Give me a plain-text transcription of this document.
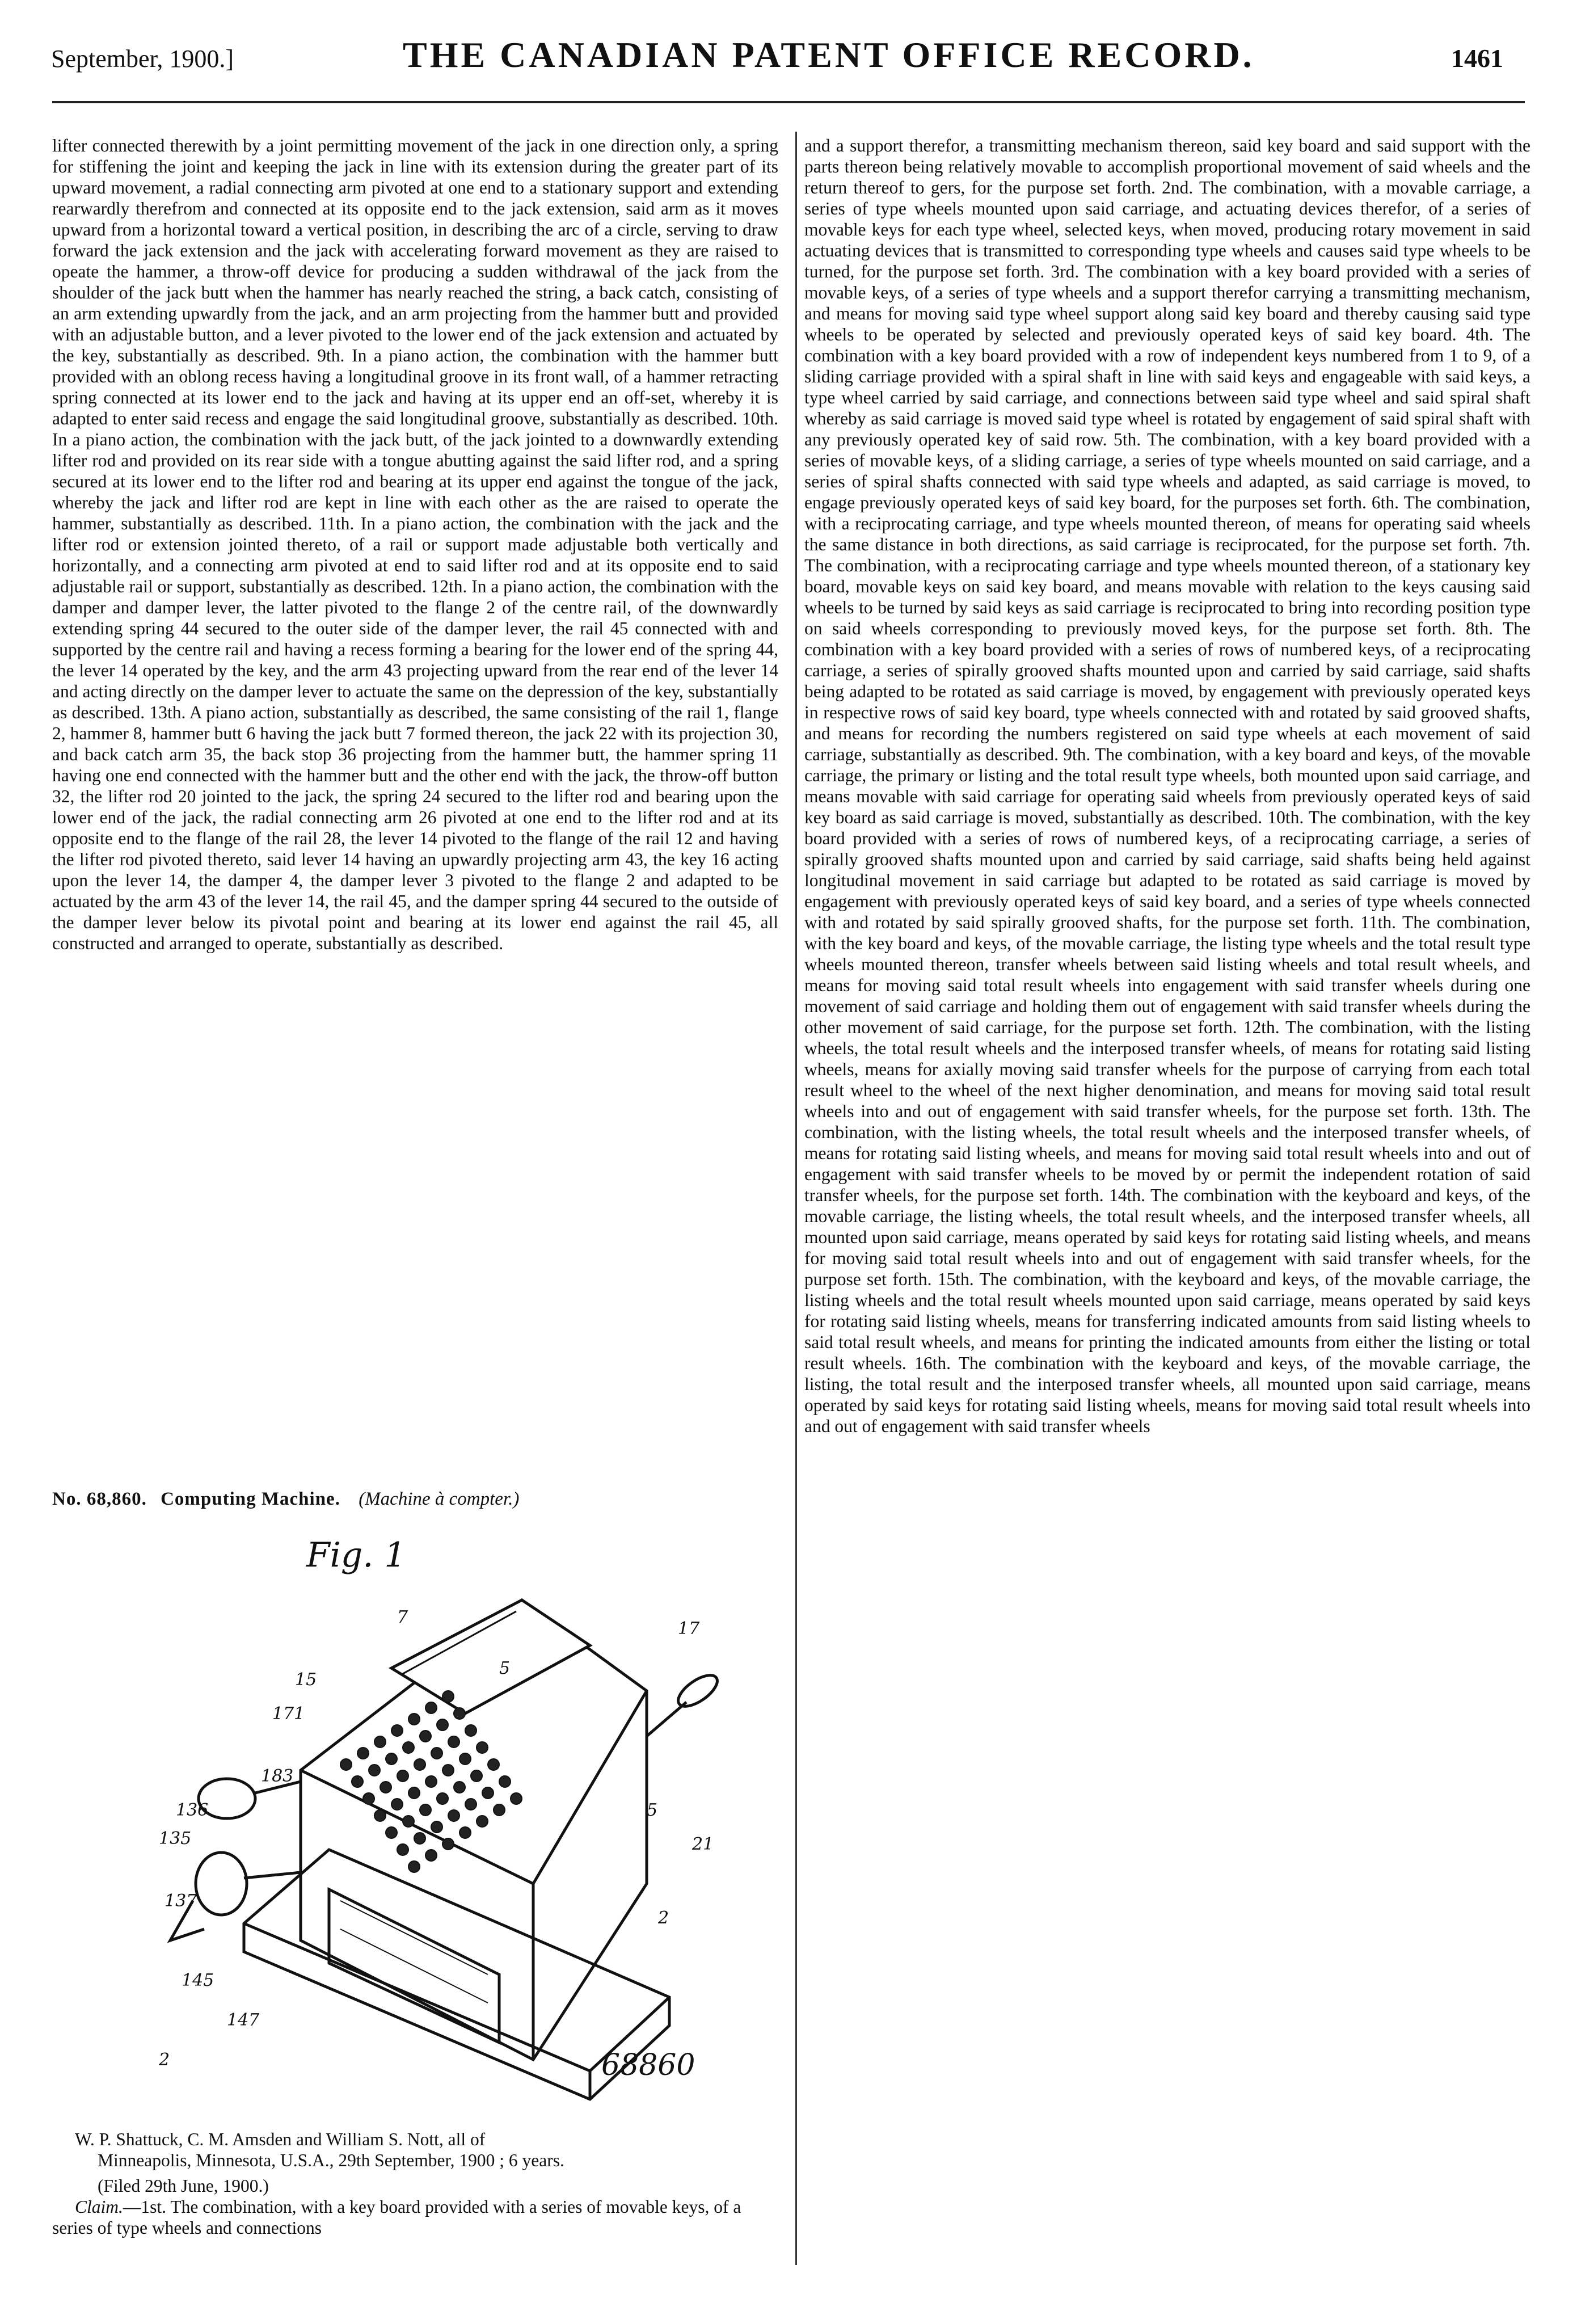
September, 1900.]	THE CANADIAN PATENT OFFICE RECORD.	1461

lifter connected therewith by a joint permitting movement of the jack in one direction only, a spring for stiffening the joint and keeping the jack in line with its extension during the greater part of its upward movement, a radial connecting arm pivoted at one end to a stationary support and extending rearwardly therefrom and connected at its opposite end to the jack extension, said arm as it moves upward from a horizontal toward a vertical position, in describing the arc of a circle, serving to draw forward the jack extension and the jack with accelerating forward movement as they are raised to opeate the hammer, a throw-off device for producing a sudden withdrawal of the jack from the shoulder of the jack butt when the hammer has nearly reached the string, a back catch, consisting of an arm extending upwardly from the jack, and an arm projecting from the hammer butt and provided with an adjustable button, and a lever pivoted to the lower end of the jack extension and actuated by the key, substantially as described. 9th. In a piano action, the combination with the hammer butt provided with an oblong recess having a longitudinal groove in its front wall, of a hammer retracting spring connected at its lower end to the jack and having at its upper end an off-set, whereby it is adapted to enter said recess and engage the said longitudinal groove, substantially as described. 10th. In a piano action, the combination with the jack butt, of the jack jointed to a downwardly extending lifter rod and provided on its rear side with a tongue abutting against the said lifter rod, and a spring secured at its lower end to the lifter rod and bearing at its upper end against the tongue of the jack, whereby the jack and lifter rod are kept in line with each other as the are raised to operate the hammer, substantially as described. 11th. In a piano action, the combination with the jack and the lifter rod or extension jointed thereto, of a rail or support made adjustable both vertically and horizontally, and a connecting arm pivoted at end to said lifter rod and at its opposite end to said adjustable rail or support, substantially as described. 12th. In a piano action, the combination with the damper and damper lever, the latter pivoted to the flange 2 of the centre rail, of the downwardly extending spring 44 secured to the outer side of the damper lever, the rail 45 connected with and supported by the centre rail and having a recess forming a bearing for the lower end of the spring 44, the lever 14 operated by the key, and the arm 43 projecting upward from the rear end of the lever 14 and acting directly on the damper lever to actuate the same on the depression of the key, substantially as described. 13th. A piano action, substantially as described, the same consisting of the rail 1, flange 2, hammer 8, hammer butt 6 having the jack butt 7 formed thereon, the jack 22 with its projection 30, and back catch arm 35, the back stop 36 projecting from the hammer butt, the hammer spring 11 having one end connected with the hammer butt and the other end with the jack, the throw-off button 32, the lifter rod 20 jointed to the jack, the spring 24 secured to the lifter rod and bearing upon the lower end of the jack, the radial connecting arm 26 pivoted at one end to the lifter rod and at its opposite end to the flange of the rail 28, the lever 14 pivoted to the flange of the rail 12 and having the lifter rod pivoted thereto, said lever 14 having an upwardly projecting arm 43, the key 16 acting upon the lever 14, the damper 4, the damper lever 3 pivoted to the flange 2 and adapted to be actuated by the arm 43 of the lever 14, the rail 45, and the damper spring 44 secured to the outside of the damper lever below its pivotal point and bearing at its lower end against the rail 45, all constructed and arranged to operate, substantially as described.

No. 68,860. Computing Machine. (Machine à compter.)
Fig. 1
5
7
17
171
15
183
136
135
137
145
147
2
21
2
5
68860
W. P. Shattuck, C. M. Amsden and William S. Nott, all of
Minneapolis, Minnesota, U.S.A., 29th September, 1900 ; 6 years.
(Filed 29th June, 1900.)
Claim.—1st. The combination, with a key board provided with a series of movable keys, of a series of type wheels and connections

and a support therefor, a transmitting mechanism thereon, said key board and said support with the parts thereon being relatively movable to accomplish proportional movement of said wheels and the return thereof to gers, for the purpose set forth. 2nd. The combination, with a movable carriage, a series of type wheels mounted upon said carriage, and actuating devices therefor, of a series of movable keys for each type wheel, selected keys, when moved, producing rotary movement in said actuating devices that is transmitted to corresponding type wheels and causes said type wheels to be turned, for the purpose set forth. 3rd. The combination with a key board provided with a series of movable keys, of a series of type wheels and a support therefor carrying a transmitting mechanism, and means for moving said type wheel support along said key board and thereby causing said type wheels to be operated by selected and previously operated keys of said key board. 4th. The combination with a key board provided with a row of independent keys numbered from 1 to 9, of a sliding carriage provided with a spiral shaft in line with said keys and engageable with said keys, a type wheel carried by said carriage, and connections between said type wheel and said spiral shaft whereby as said carriage is moved said type wheel is rotated by engagement of said spiral shaft with any previously operated key of said row. 5th. The combination, with a key board provided with a series of movable keys, of a sliding carriage, a series of type wheels mounted on said carriage, and a series of spiral shafts connected with said type wheels and adapted, as said carriage is moved, to engage previously operated keys of said key board, for the purposes set forth. 6th. The combination, with a reciprocating carriage, and type wheels mounted thereon, of means for operating said wheels the same distance in both directions, as said carriage is reciprocated, for the purpose set forth. 7th. The combination, with a reciprocating carriage and type wheels mounted thereon, of a stationary key board, movable keys on said key board, and means movable with relation to the keys causing said wheels to be turned by said keys as said carriage is reciprocated to bring into recording position type on said wheels corresponding to previously moved keys, for the purpose set forth. 8th. The combination with a key board provided with a series of rows of numbered keys, of a reciprocating carriage, a series of spirally grooved shafts mounted upon and carried by said carriage, said shafts being adapted to be rotated as said carriage is moved, by engagement with previously operated keys in respective rows of said key board, type wheels connected with and rotated by said grooved shafts, and means for recording the numbers registered on said type wheels at each movement of said carriage, substantially as described. 9th. The combination, with a key board and keys, of the movable carriage, the primary or listing and the total result type wheels, both mounted upon said carriage, and means movable with said carriage for operating said wheels from previously operated keys of said key board as said carriage is moved, substantially as described. 10th. The combination, with the key board provided with a series of rows of numbered keys, of a reciprocating carriage, a series of spirally grooved shafts mounted upon and carried by said carriage, said shafts being held against longitudinal movement in said carriage but adapted to be rotated as said carriage is moved by engagement with previously operated keys of said key board, and a series of type wheels connected with and rotated by said spirally grooved shafts, for the purpose set forth. 11th. The combination, with the key board and keys, of the movable carriage, the listing type wheels and the total result type wheels mounted thereon, transfer wheels between said listing wheels and total result wheels, and means for moving said total result wheels into engagement with said transfer wheels during one movement of said carriage and holding them out of engagement with said transfer wheels during the other movement of said carriage, for the purpose set forth. 12th. The combination, with the listing wheels, the total result wheels and the interposed transfer wheels, of means for rotating said listing wheels, means for axially moving said transfer wheels for the purpose of carrying from each total result wheel to the wheel of the next higher denomination, and means for moving said total result wheels into and out of engagement with said transfer wheels, for the purpose set forth. 13th. The combination, with the listing wheels, the total result wheels and the interposed transfer wheels, of means for rotating said listing wheels, and means for moving said total result wheels into and out of engagement with said transfer wheels to be moved by or permit the independent rotation of said transfer wheels, for the purpose set forth. 14th. The combination with the keyboard and keys, of the movable carriage, the listing wheels, the total result wheels, and the interposed transfer wheels, all mounted upon said carriage, means operated by said keys for rotating said listing wheels, and means for moving said total result wheels into and out of engagement with said transfer wheels, for the purpose set forth. 15th. The combination, with the keyboard and keys, of the movable carriage, the listing wheels and the total result wheels mounted upon said carriage, means operated by said keys for rotating said listing wheels, means for transferring indicated amounts from said listing wheels to said total result wheels, and means for printing the indicated amounts from either the listing or total result wheels. 16th. The combination with the keyboard and keys, of the movable carriage, the listing, the total result and the interposed transfer wheels, all mounted upon said carriage, means operated by said keys for rotating said listing wheels, means for moving said total result wheels into and out of engagement with said transfer wheels
